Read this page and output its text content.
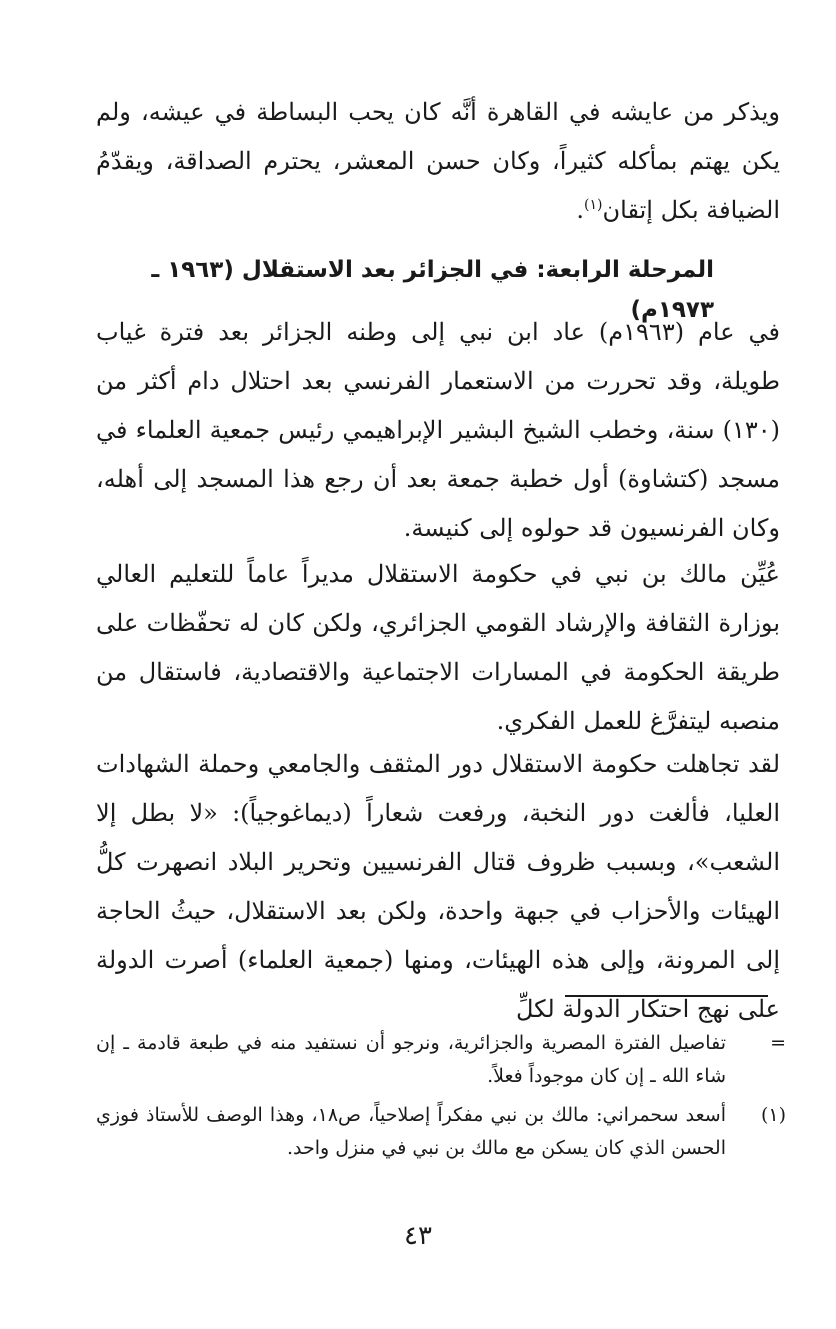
ويذكر من عايشه في القاهرة أنَّه كان يحب البساطة في عيشه، ولم يكن يهتم بمأكله كثيراً، وكان حسن المعشر، يحترم الصداقة، ويقدّمُ الضيافة بكل إتقان$^{(١)}$.
المرحلة الرابعة: في الجزائر بعد الاستقلال (١٩٦٣ ـ ١٩٧٣م)
في عام (١٩٦٣م) عاد ابن نبي إلى وطنه الجزائر بعد فترة غياب طويلة، وقد تحررت من الاستعمار الفرنسي بعد احتلال دام أكثر من (١٣٠) سنة، وخطب الشيخ البشير الإبراهيمي رئيس جمعية العلماء في مسجد (كتشاوة) أول خطبة جمعة بعد أن رجع هذا المسجد إلى أهله، وكان الفرنسيون قد حولوه إلى كنيسة.
عُيِّن مالك بن نبي في حكومة الاستقلال مديراً عاماً للتعليم العالي بوزارة الثقافة والإرشاد القومي الجزائري، ولكن كان له تحفّظات على طريقة الحكومة في المسارات الاجتماعية والاقتصادية، فاستقال من منصبه ليتفرَّغ للعمل الفكري.
لقد تجاهلت حكومة الاستقلال دور المثقف والجامعي وحملة الشهادات العليا، فألغت دور النخبة، ورفعت شعاراً (ديماغوجياً): «لا بطل إلا الشعب»، وبسبب ظروف قتال الفرنسيين وتحرير البلاد انصهرت كلُّ الهيئات والأحزاب في جبهة واحدة، ولكن بعد الاستقلال، حيثُ الحاجة إلى المرونة، وإلى هذه الهيئات، ومنها (جمعية العلماء) أصرت الدولة على نهج احتكار الدولة لكلِّ
=
تفاصيل الفترة المصرية والجزائرية، ونرجو أن نستفيد منه في طبعة قادمة ـ إن شاء الله ـ إن كان موجوداً فعلاً.
(١)
أسعد سحمراني: مالك بن نبي مفكراً إصلاحياً، ص١٨، وهذا الوصف للأستاذ فوزي الحسن الذي كان يسكن مع مالك بن نبي في منزل واحد.
٤٣
